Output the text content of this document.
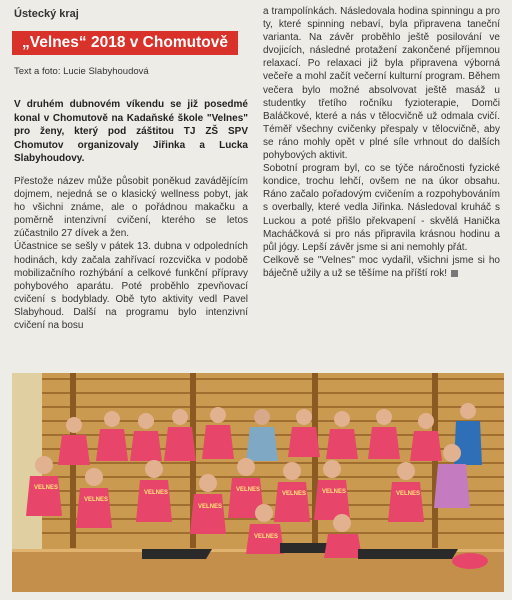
Ústecký kraj
„Velnes“ 2018 v Chomutově
Text a foto: Lucie Slabyhoudová

V druhém dubnovém víkendu se již posedmé konal v Chomutově na Kadaňské škole "Velnes" pro ženy, který pod záštitou TJ ZŠ SPV Chomutov organizovaly Jiřinka a Lucka Slabyhoudovy.

Přestože název může působit poněkud zavádějícím dojmem, nejedná se o klasický wellness pobyt, jak ho všichni známe, ale o pořádnou makačku a poměrně intenzivní cvičení, kterého se letos zúčastnilo 27 dívek a žen.

Účastnice se sešly v pátek 13. dubna v odpoledních hodinách, kdy začala zahřívací rozcvička v podobě mobilizačního rozhýbání a celkové funkční přípravy pohybového aparátu. Poté proběhlo zpevňovací cvičení s bodyblady. Obě tyto aktivity vedl Pavel Slabyhoud. Další na programu bylo intenzivní cvičení na bosu

a trampolínkách. Následovala hodina spinningu a pro ty, které spinning nebaví, byla připravena taneční varianta. Na závěr proběhlo ještě posilování ve dvojicích, následné protažení zakončené příjemnou relaxací. Po relaxaci již byla připravena výborná večeře a mohl začít večerní kulturní program. Během večera bylo možné absolvovat ještě masáž u studentky třetího ročníku fyzioterapie, Domči Baláčkové, které a nás v tělocvičně už odmala cvičí. Téměř všechny cvičenky přespaly v tělocvičně, aby se ráno mohly opět v plné síle vrhnout do dalších pohybových aktivit.

Sobotní program byl, co se týče náročnosti fyzické kondice, trochu lehčí, ovšem ne na úkor obsahu. Ráno začalo pořadovým cvičením a rozpohybováním s overbally, které vedla Jiřinka. Následoval kruháč s Luckou a poté přišlo překvapení - skvělá Hanička Macháčková si pro nás připravila krásnou hodinu a půl jógy. Lepší závěr jsme si ani nemohly přát.

Celkově se "Velnes" moc vydařil, všichni jsme si ho báječně užily a už se těšíme na příští rok!

VELNES
VELNES
VELNES
VELNES
VELNES
VELNES	VELNES	VELNES
VELNES
